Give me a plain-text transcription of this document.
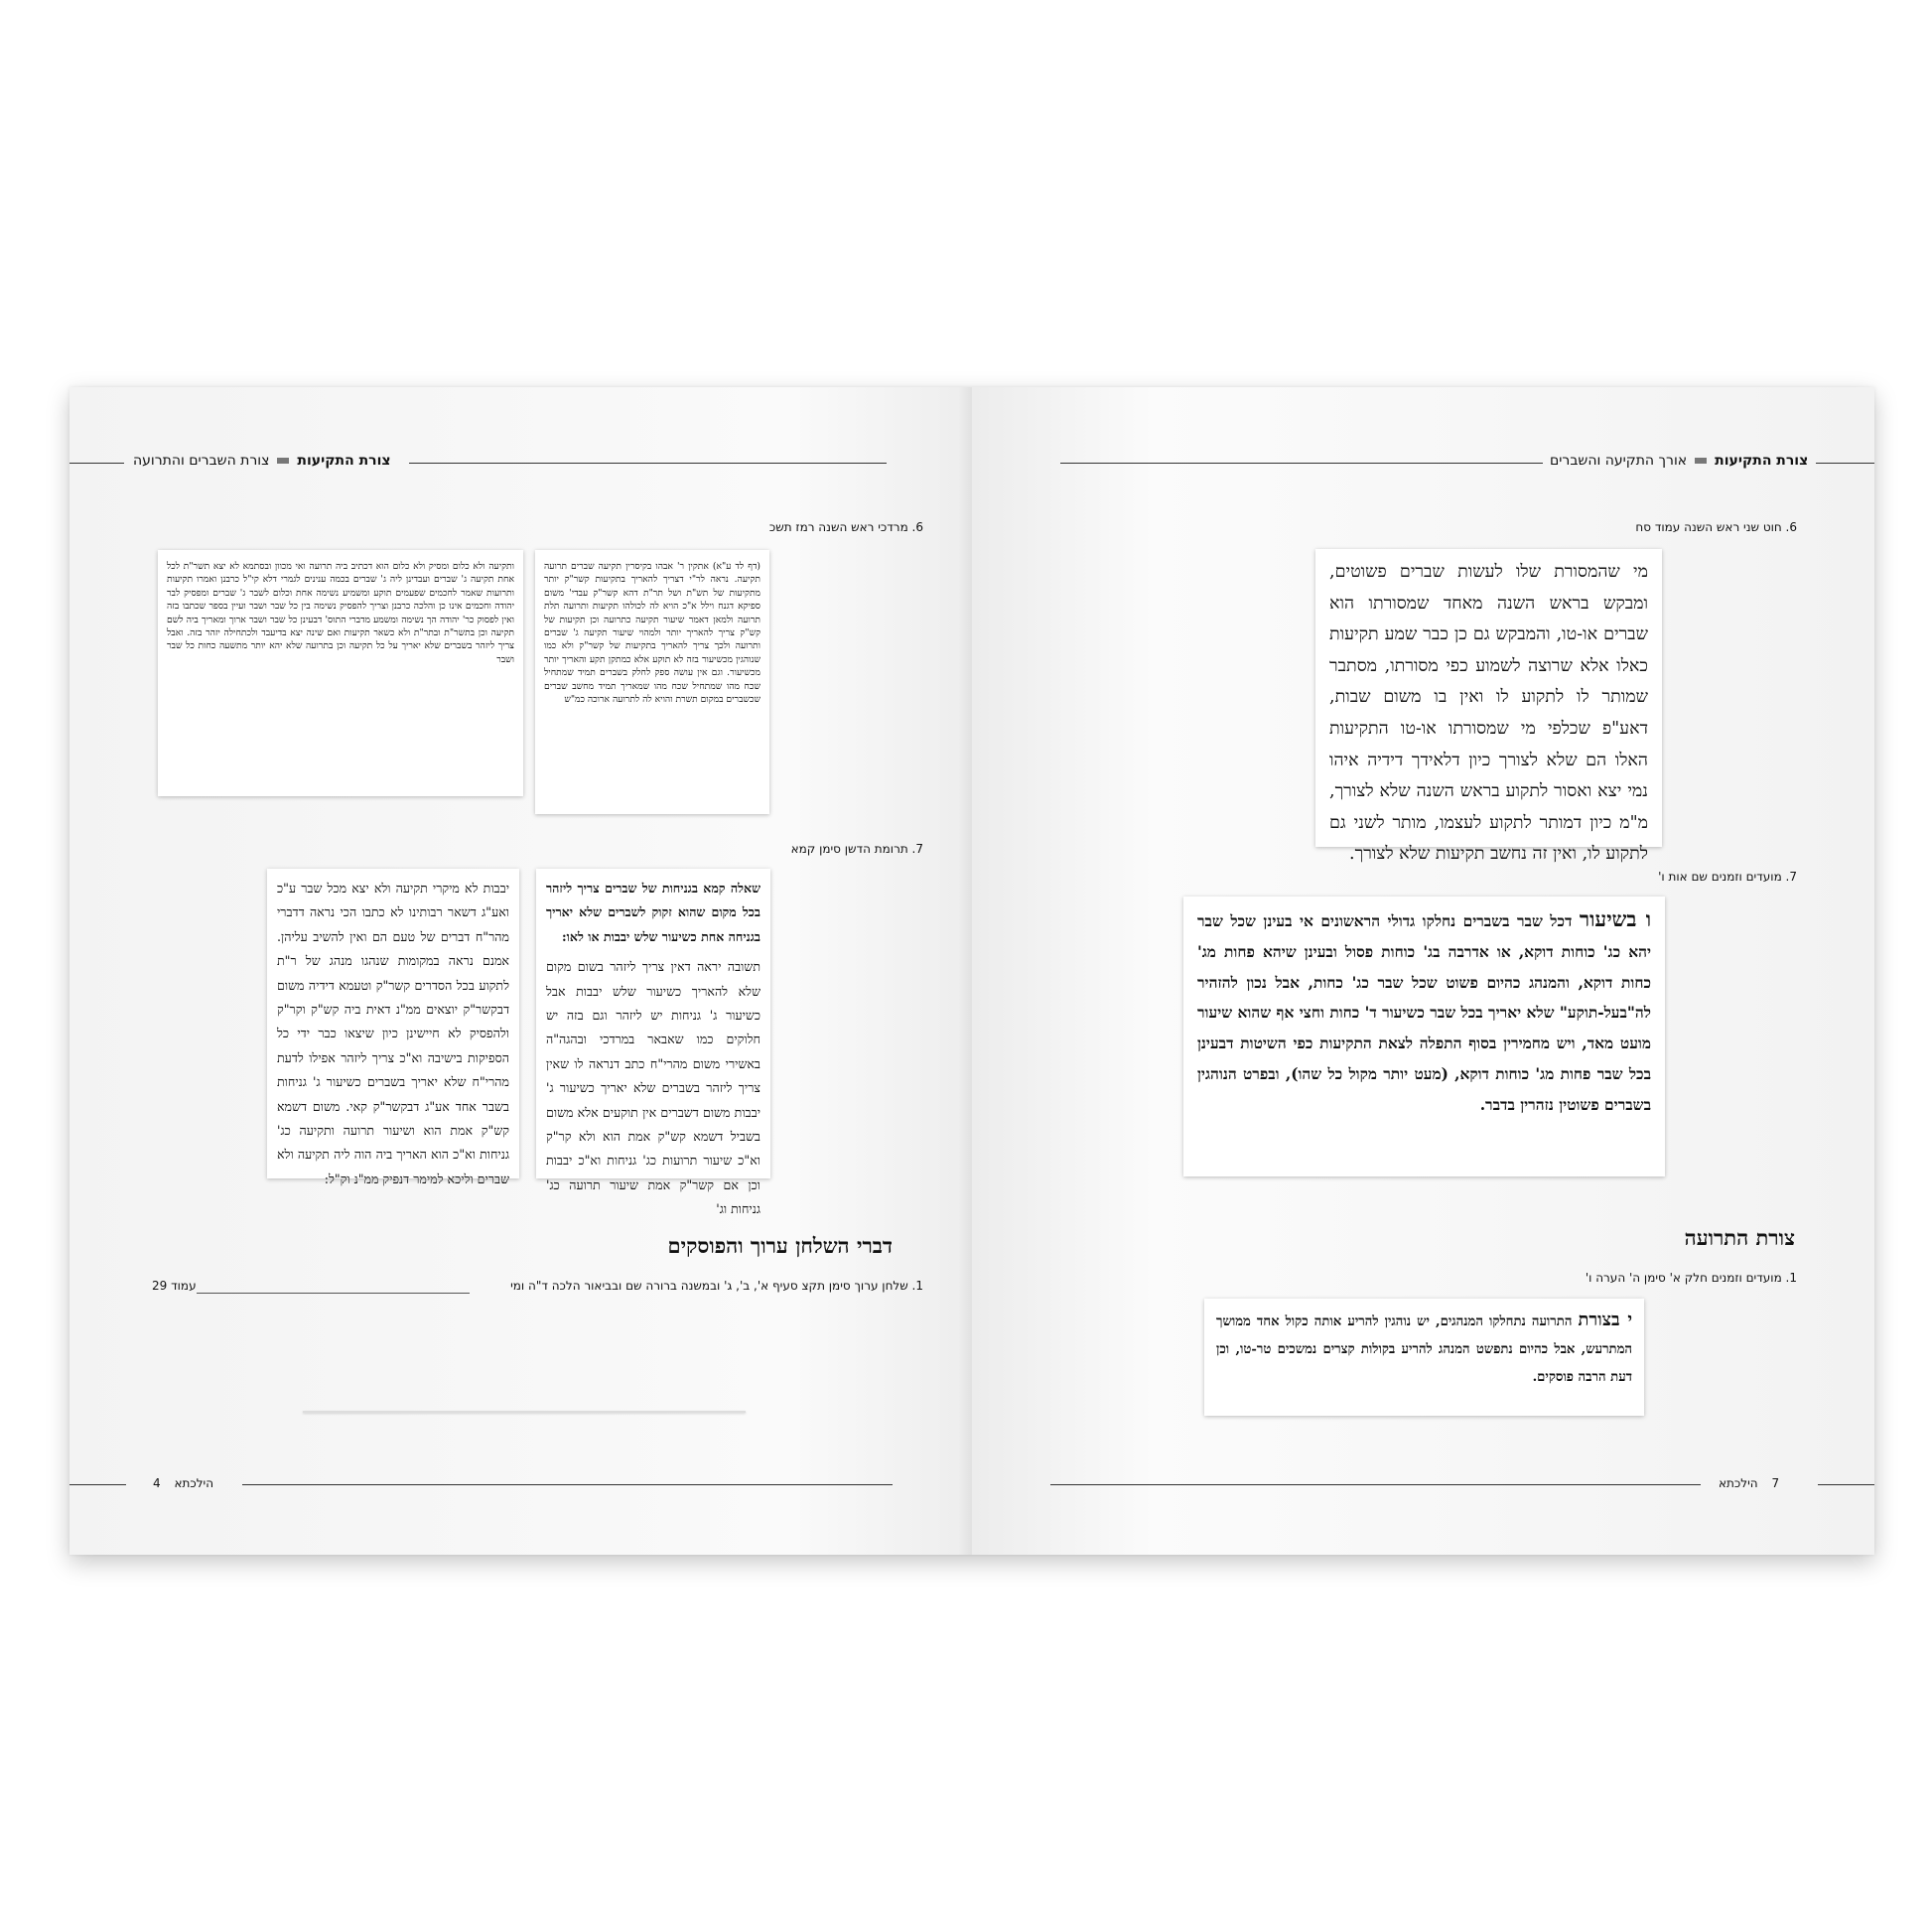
צורת התקיעות
צורת השברים והתרועה
6. מרדכי ראש השנה רמז תשכ

(דף לד ע"א) אתקין ר' אבהו בקיסרין תקיעה שברים תרועה תקיעה. נראה לר"י דצריך להאריך בתקיעות קשר"ק יותר מתקיעות של תש"ת ושל תר"ת דהא קשר"ק עבדי' משום ספיקא דגנח וילל א"כ הויא לה לכולהו תקיעות ותרועה תלת תרועה ולמאן דאמר שיעור תקיעה כתרועה וכן תקיעות של קש"ק צריך להאריך יותר ולמהוי שיעור תקיעה ג' שברים ותרועה ולכך צריך להאריך בתקיעות של קשר"ק ולא כמו שנוהגין מכשיעור בזה לא תוקע אלא כמתקן תקע והאריך יותר מכשיעור. וגם אין עושה ספק לחלק בשברים תמיד שמתחיל שכח מהו שמתחיל שכח מהו שמאריך תמיד מחשב שברים שכשברים במקום תשרת והויא לה לתרועה ארוכה כמ"ש

ותקיעה ולא כלום ומסיק ולא כלום הוא דכתיב ביה תרועה ואי מכוון ובסתמא לא יצא תשר"ת לכל אחת תקיעה ג' שברים ועבדינן ליה ג' שברים בכמה ענינים לגמרי דלא קי"ל כרבנן ואמרו תקיעות ותרועות שאמר לחכמים שפעמים תוקע ומשמיע נשימה אחת וכלום לשבר ג' שברים ומפסיק לבר יהודה וחכמים אינו כן והלכה כרבנן וצריך להפסיק נשימה בין כל שבר ושבר ועיין בספר שכתבו בזה ואין לפסוק כר' יהודה הך נשימה ומשמע מדברי התוס' דבעינן כל שבר ושבר ארוך ומאריך ביה לשם תקיעה וכן בתשר"ת ובתר"ת ולא כשאר תקיעות ואם שינה יצא בדיעבד ולכתחילה יזהר בזה. ואבל צריך ליזהר בשברים שלא יאריך על כל תקיעה וכן בתרועה שלא יהא יותר מתשעה כחות כל שבר ושבר

7. תרומת הדשן סימן קמא

שאלה קמא בגניחות של שברים צריך ליזהר בכל מקום שהוא זקוק לשברים שלא יאריך בגניחה אחת כשיעור שלש יבבות או לאו:

תשובה יראה דאין צריך ליזהר בשום מקום שלא להאריך כשיעור שלש יבבות אבל כשיעור ג' גניחות יש ליזהר וגם בזה יש חלוקים כמו שאבאר במרדכי ובהגה"ה באשירי משום מהרי"ח כתב דנראה לו שאין צריך ליזהר בשברים שלא יאריך כשיעור ג' יבבות משום דשברים אין תוקעים אלא משום בשביל דשמא קש"ק אמת הוא ולא קר"ק וא"כ שיעור תרועות כג' גניחות וא"כ יבבות וכן אם קשר"ק אמת שיעור תרועה כג' גניחות וג'

יבבות לא מיקרי תקיעה ולא יצא מכל שבר ע"כ ואע"ג דשאר רבותינו לא כתבו הכי נראה דדברי מהר"ח דברים של טעם הם ואין להשיב עליהן. אמנם נראה במקומות שנהגו מנהג של ר"ת לתקוע בכל הסדרים קשר"ק וטעמא דידיה משום דבקשר"ק יוצאים ממ"נ דאית ביה קש"ק וקר"ק ולהפסיק לא חיישינן כיון שיצאו כבר ידי כל הספיקות בישיבה וא"כ צריך ליזהר אפילו לדעת מהרי"ח שלא יאריך בשברים כשיעור ג' גניחות בשבר אחד אע"ג דבקשר"ק קאי. משום דשמא קש"ק אמת הוא ושיעור תרועה ותקיעה כג' גניחות וא"כ הוא האריך ביה הוה ליה תקיעה ולא שברים וליכא למימר דנפיק ממ"נ וק"ל:

דברי השלחן ערוך והפוסקים
1. שלחן ערוך סימן תקצ סעיף א', ב', ג' ובמשנה ברורה שם ובביאור הלכה ד"ה ומי
עמוד 29
הילכתא 4
צורת התקיעות
אורך התקיעה והשברים
6. חוט שני ראש השנה עמוד סח

מי שהמסורת שלו לעשות שברים פשוטים, ומבקש בראש השנה מאחד שמסורתו הוא שברים או-טו, והמבקש גם כן כבר שמע תקיעות כאלו אלא שרוצה לשמוע כפי מסורתו, מסתבר שמותר לו לתקוע לו ואין בו משום שבות, דאע"פ שכלפי מי שמסורתו או-טו התקיעות האלו הם שלא לצורך כיון דלאידך דידיה איהו נמי יצא ואסור לתקוע בראש השנה שלא לצורך, מ"מ כיון דמותר לתקוע לעצמו, מותר לשני גם לתקוע לו, ואין זה נחשב תקיעות שלא לצורך.

7. מועדים וזמנים שם אות ו'

ו בשיעור דכל שבר בשברים נחלקו גדולי הראשונים אי בעינן שכל שבר יהא כג' כוחות דוקא, או אדרבה בג' כוחות פסול ובעינן שיהא פחות מג' כחות דוקא, והמנהג כהיום פשוט שכל שבר כג' כחות, אבל נכון להזהיר לה"בעל-תוקע" שלא יאריך בכל שבר כשיעור ד' כחות וחצי אף שהוא שיעור מועט מאד, ויש מחמירין בסוף התפלה לצאת התקיעות כפי השיטות דבעינן בכל שבר פחות מג' כוחות דוקא, (מעט יותר מקול כל שהו), ובפרט הנוהגין בשברים פשוטין נזהרין בדבר.

צורת התרועה
1. מועדים וזמנים חלק א' סימן ה' הערה ו'

י בצורת התרועה נתחלקו המנהגים, יש נוהגין להריע אותה כקול אחד ממושך המתרעש, אבל כהיום נתפשט המנהג להריע בקולות קצרים נמשכים טר-טו, וכן דעת הרבה פוסקים.

7 הילכתא
